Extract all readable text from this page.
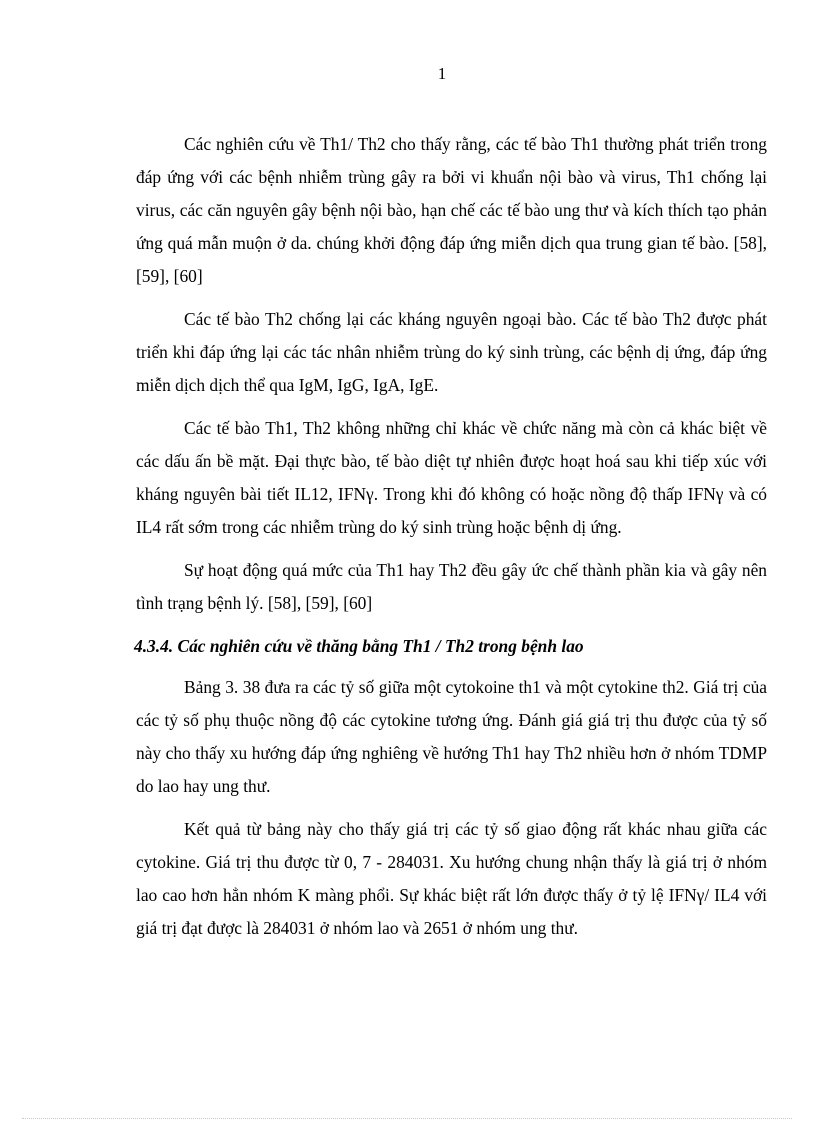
1

Các nghiên cứu về Th1/ Th2 cho thấy rằng, các tế bào Th1 thường phát triển trong đáp ứng với các bệnh nhiễm trùng gây ra bởi vi khuẩn nội bào và virus, Th1 chống lại virus, các căn nguyên gây bệnh nội bào, hạn chế các tế bào ung thư và kích thích tạo phản ứng quá mẫn muộn ở da. chúng khởi động đáp ứng miễn dịch qua trung gian tế bào. [58], [59], [60]

Các tế bào Th2 chống lại các kháng nguyên ngoại bào. Các tế bào Th2 được phát triển khi đáp ứng lại các tác nhân nhiễm trùng do ký sinh trùng, các bệnh dị ứng, đáp ứng miễn dịch dịch thể qua IgM, IgG, IgA, IgE.

Các tế bào Th1, Th2 không những chỉ khác về chức năng mà còn cả khác biệt về các dấu ấn bề mặt. Đại thực bào, tế bào diệt tự nhiên được hoạt hoá sau khi tiếp xúc với kháng nguyên bài tiết IL12, IFNγ. Trong khi đó không có hoặc nồng độ thấp IFNγ và có IL4 rất sớm trong các nhiễm trùng do ký sinh trùng hoặc bệnh dị ứng.

Sự hoạt động quá mức của Th1 hay Th2 đều gây ức chế thành phần kia và gây nên tình trạng bệnh lý. [58], [59], [60]

4.3.4. Các nghiên cứu về thăng bằng Th1 / Th2 trong bệnh lao

Bảng 3. 38 đưa ra các tỷ số giữa một cytokoine th1 và một cytokine th2. Giá trị của các tỷ số phụ thuộc nồng độ các cytokine tương ứng. Đánh giá giá trị thu được của tỷ số này cho thấy xu hướng đáp ứng nghiêng về hướng Th1 hay Th2 nhiều hơn ở nhóm TDMP do lao hay ung thư.

Kết quả từ bảng này cho thấy giá trị các tỷ số giao động rất khác nhau giữa các cytokine. Giá trị thu được từ 0, 7 - 284031. Xu hướng chung nhận thấy là giá trị ở nhóm lao cao hơn hẳn nhóm K màng phổi. Sự khác biệt rất lớn được thấy ở tỷ lệ IFNγ/ IL4 với giá trị đạt được là 284031 ở nhóm lao và 2651 ở nhóm ung thư.
